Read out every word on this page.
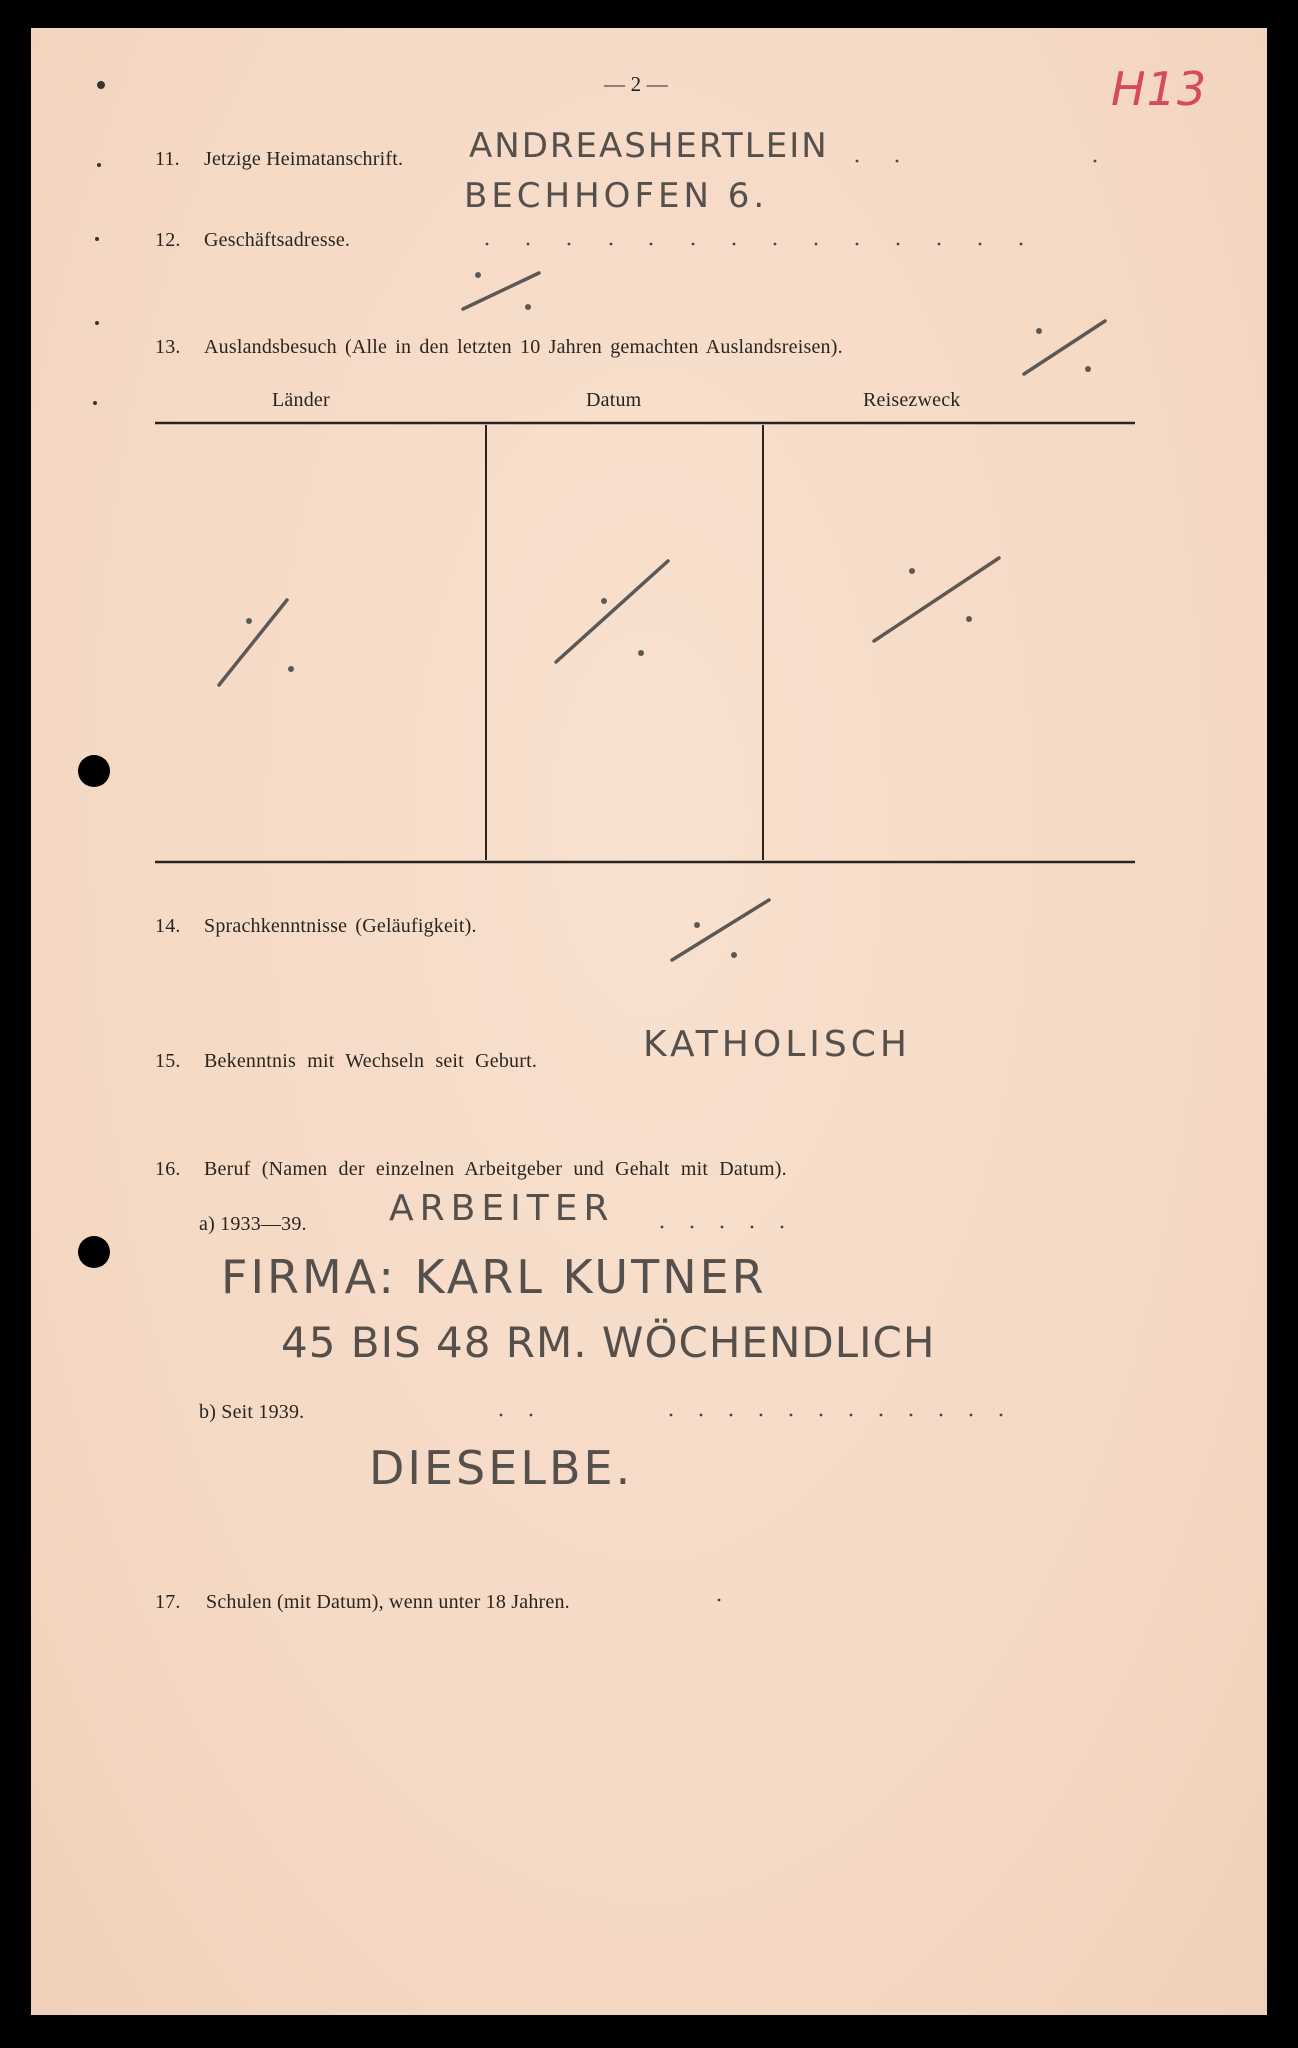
— 2 —	H13
11. Jetzige Heimatanschrift. ANDREASHERTLEIN
BECHHOFEN 6.
12. Geschäftsadresse.
13. Auslandsbesuch (Alle in den letzten 10 Jahren gemachten Auslandsreisen).
Länder	Datum	Reisezweck
14. Sprachkenntnisse (Geläufigkeit).
15. Bekenntnis mit Wechseln seit Geburt.	KATHOLISCH
16. Beruf (Namen der einzelnen Arbeitgeber und Gehalt mit Datum).
a) 1933—39. ARBEITER
FIRMA: KARL KUTNER
45 BIS 48 RM. WÖCHENDLICH
b) Seit 1939.
DIESELBE.
17. Schulen (mit Datum), wenn unter 18 Jahren.
